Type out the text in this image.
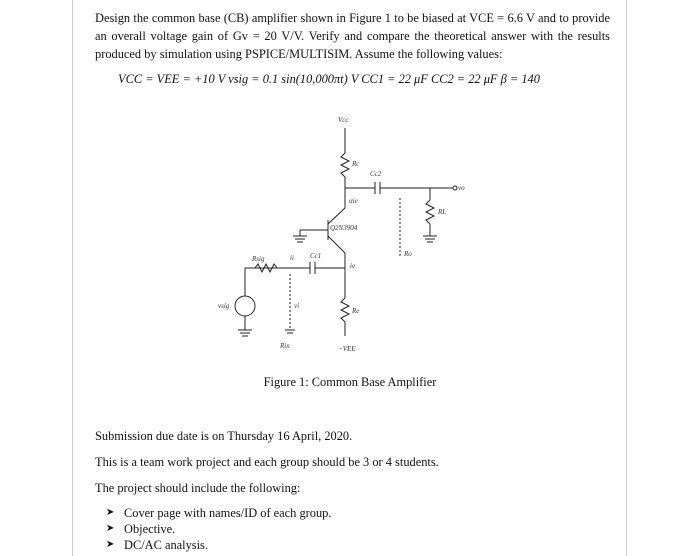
Design the common base (CB) amplifier shown in Figure 1 to be biased at VCE = 6.6 V and to provide an overall voltage gain of Gv = 20 V/V. Verify and compare the theoretical answer with the results produced by simulation using PSPICE/MULTISIM. Assume the following values:
VCC = VEE = +10 V vsig = 0.1 sin(10,000πt) V CC1 = 22 μF CC2 = 22 μF β = 140
Vcc
Rc
Cc2
vo
RL
Q2N3904
αie
Re
ie
−VEE
Rsig	Cc1
vsig
Rin
ii
vi
Ro
Figure 1: Common Base Amplifier
Submission due date is on Thursday 16 April, 2020.
This is a team work project and each group should be 3 or 4 students.
The project should include the following:
➤ Cover page with names/ID of each group.
➤ Objective.
➤ DC/AC analysis.
